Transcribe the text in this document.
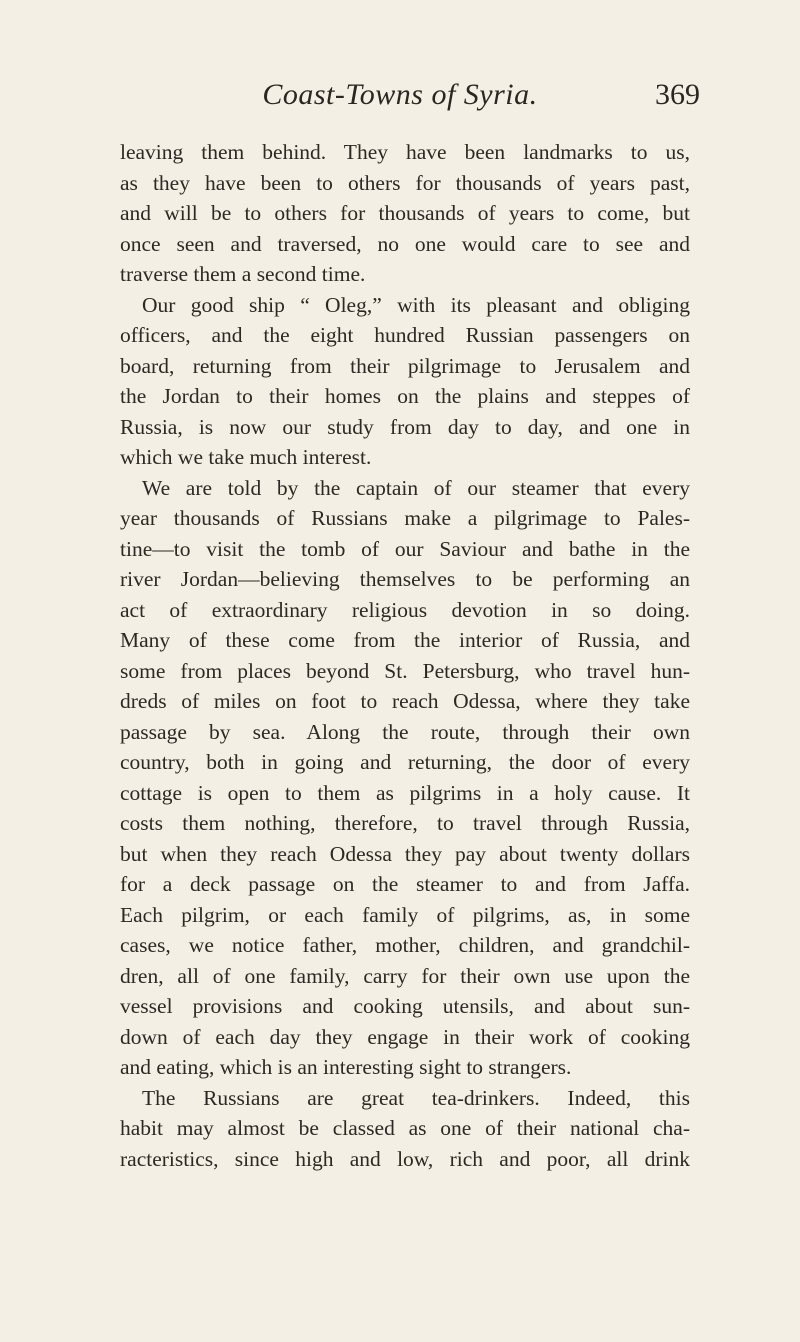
Coast-Towns of Syria.	369
leaving them behind. They have been landmarks to us,
as they have been to others for thousands of years past,
and will be to others for thousands of years to come, but
once seen and traversed, no one would care to see and
traverse them a second time.
Our good ship “ Oleg,” with its pleasant and obliging
officers, and the eight hundred Russian passengers on
board, returning from their pilgrimage to Jerusalem and
the Jordan to their homes on the plains and steppes of
Russia, is now our study from day to day, and one in
which we take much interest.
We are told by the captain of our steamer that every
year thousands of Russians make a pilgrimage to Pales-
tine—to visit the tomb of our Saviour and bathe in the
river Jordan—believing themselves to be performing an
act of extraordinary religious devotion in so doing.
Many of these come from the interior of Russia, and
some from places beyond St. Petersburg, who travel hun-
dreds of miles on foot to reach Odessa, where they take
passage by sea. Along the route, through their own
country, both in going and returning, the door of every
cottage is open to them as pilgrims in a holy cause. It
costs them nothing, therefore, to travel through Russia,
but when they reach Odessa they pay about twenty dollars
for a deck passage on the steamer to and from Jaffa.
Each pilgrim, or each family of pilgrims, as, in some
cases, we notice father, mother, children, and grandchil-
dren, all of one family, carry for their own use upon the
vessel provisions and cooking utensils, and about sun-
down of each day they engage in their work of cooking
and eating, which is an interesting sight to strangers.
The Russians are great tea-drinkers. Indeed, this
habit may almost be classed as one of their national cha-
racteristics, since high and low, rich and poor, all drink
